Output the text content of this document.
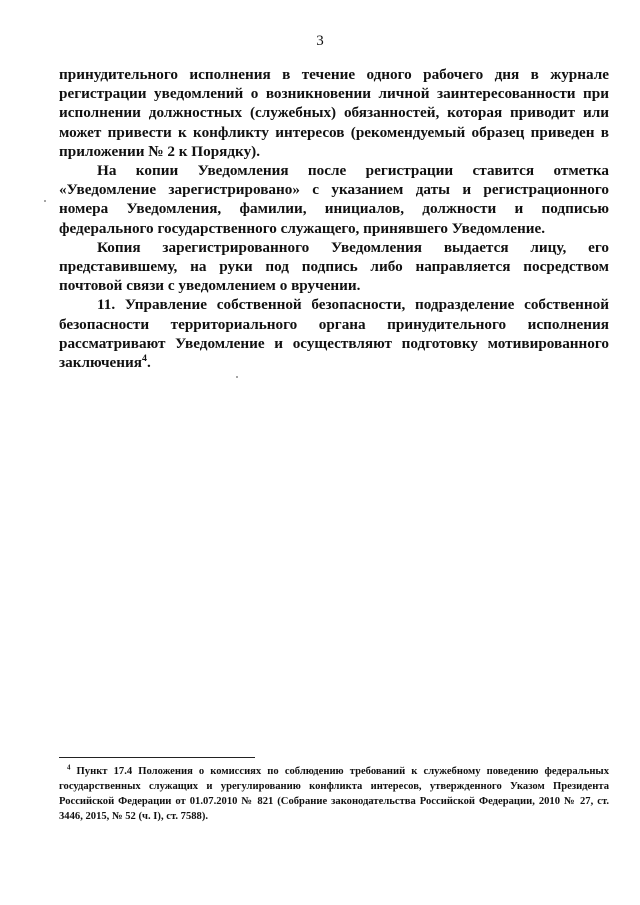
3

принудительного исполнения в течение одного рабочего дня в журнале регистрации уведомлений о возникновении личной заинтересованности при исполнении должностных (служебных) обязанностей, которая приводит или может привести к конфликту интересов (рекомендуемый образец приведен в приложении № 2 к Порядку).

На копии Уведомления после регистрации ставится отметка «Уведомление зарегистрировано» с указанием даты и регистрационного номера Уведомления, фамилии, инициалов, должности и подписью федерального государственного служащего, принявшего Уведомление.

Копия зарегистрированного Уведомления выдается лицу, его представившему, на руки под подпись либо направляется посредством почтовой связи с уведомлением о вручении.

11. Управление собственной безопасности, подразделение собственной безопасности территориального органа принудительного исполнения рассматривают Уведомление и осуществляют подготовку мотивированного заключения$^4$.

$^4$ Пункт 17.4 Положения о комиссиях по соблюдению требований к служебному поведению федеральных государственных служащих и урегулированию конфликта интересов, утвержденного Указом Президента Российской Федерации от 01.07.2010 № 821 (Собрание законодательства Российской Федерации, 2010 № 27, ст. 3446, 2015, № 52 (ч. I), ст. 7588).
